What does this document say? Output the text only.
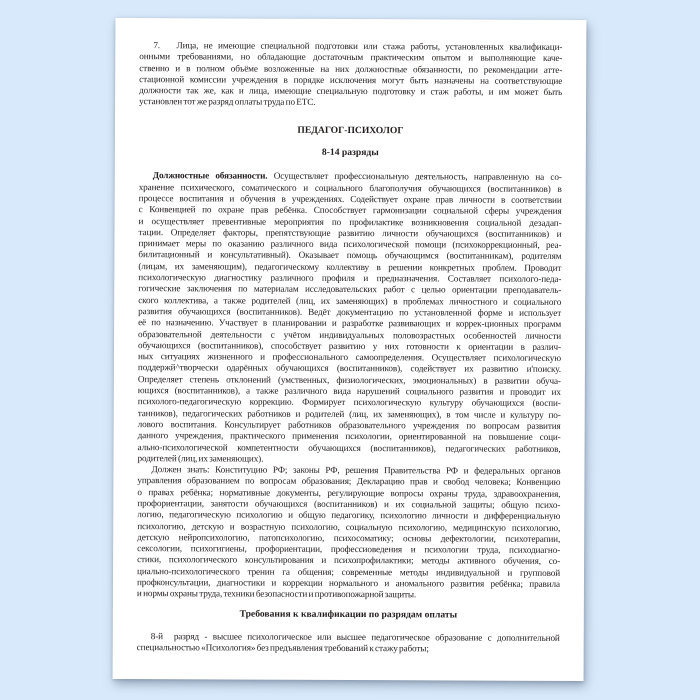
7.   Лица, не имеющие специальной подготовки или стажа работы, установленных квалификаци-
онными требованиями, но обладающие достаточным практическим опытом и выполняющие каче-
ственно и в полном объёме возложенные на них должностные обязанности, по рекомендации атте-
стационной комиссии учреждения в порядке исключения могут быть назначены на соответствующие
должности так же, как и лица, имеющие специальную подготовку и стаж работы, и им может быть
установлен тот же разряд оплаты труда по ЕТС.
ПЕДАГОГ-ПСИХОЛОГ
8-14 разряды
Должностные обязанности. Осуществляет профессиональную деятельность, направленную на со-
хранение психического, соматического и социального благополучия обучающихся (воспитанников) в
процессе воспитания и обучения в учреждениях. Содействует охране прав личности в соответствии
с Конвенцией по охране прав ребёнка. Способствует гармонизации социальной сферы учреждения
и осуществляет превентивные мероприятия по профилактике возникновения социальной дезадап-
тации. Определяет факторы, препятствующие развитию личности обучающихся (воспитанников) и
принимает меры по оказанию различного вида психологической помощи (психокоррекционный, реа-
билитационный и консультативный). Оказывает помощь обучающимся (воспитанникам), родителям
(лицам, их заменяющим), педагогическому коллективу в решении конкретных проблем. Проводит
психологическую диагностику различного профиля и предназначения. Составляет психолого-педа-
гогические заключения по материалам исследовательских работ с целью ориентации преподаватель-
ского коллектива, а также родителей (лиц, их заменяющих) в проблемах личностного и социального
развития обучающихся (воспитанников). Ведёт документацию по установленной форме и использует
её по назначению. Участвует в планировании и разработке развивающих и коррек-ционных программ
образовательной деятельности с учётом индивидуальных половозрастных особенностей личности
обучающихся (воспитанников), способствует развитию у них готовности к ориентации в различ-
ных ситуациях жизненного и профессионального самоопределения. Осуществляет психологическую
поддержй^творчески одарённых обучающихся (воспитанников), содействует их развитию и'поиску.
Определяет степень отклонений (умственных, физиологических, эмоциональных) в развитии обуча-
ющихся (воспитанников), а также различного вида нарушений социального развития и проводит их
психолого-педагогическую коррекцию. Формирует психологическую культуру обучающихся (воспи-
танников), педагогических работников и родителей (лиц, их заменяющих), в том числе и культуру по-
лового воспитания. Консультирует работников образовательного учреждения по вопросам развития
данного учреждения, практического применения психологии, ориентированной на повышение соци-
ально-психологической компетентности обучающихся (воспитанников), педагогических работников,
родителей (лиц, их заменяющих).
Должен знать: Конституцию РФ; законы РФ, решения Правительства РФ и федеральных органов
управления образованием по вопросам образования; Декларацию прав и свобод человека; Конвенцию
о правах ребёнка; нормативные документы, регулирующие вопросы охраны труда, здравоохранения,
профориентации, занятости обучающихся (воспитанников) и их социальной защиты; общую психо-
логию, педагогическую психологию и общую педагогику, психологию личности и дифференциальную
психологию, детскую и возрастную психологию, социальную психологию, медицинскую психологию,
детскую нейропсихологию, патопсихологию, психосоматику; основы дефектологии, психотерапии,
сексологии, психогигиены, профориентации, профессиоведения и психологии труда, психодиагно-
стики, психологического консультирования и психопрофилактики; методы активного обучения, со-
циально-психологического тренин га общения; современные методы индивидуальной и групповой
профконсультации, диагностики и коррекции нормального и аномального развития ребёнка; правила
и нормы охраны труда, техники безопасности и противопожарной защиты.
Требования к квалификации по разрядам оплаты
8-й  разряд - высшее психологическое или высшее педагогическое образование с дополнительной
специальностью «Психология» без предъявления требований к стажу работы;
